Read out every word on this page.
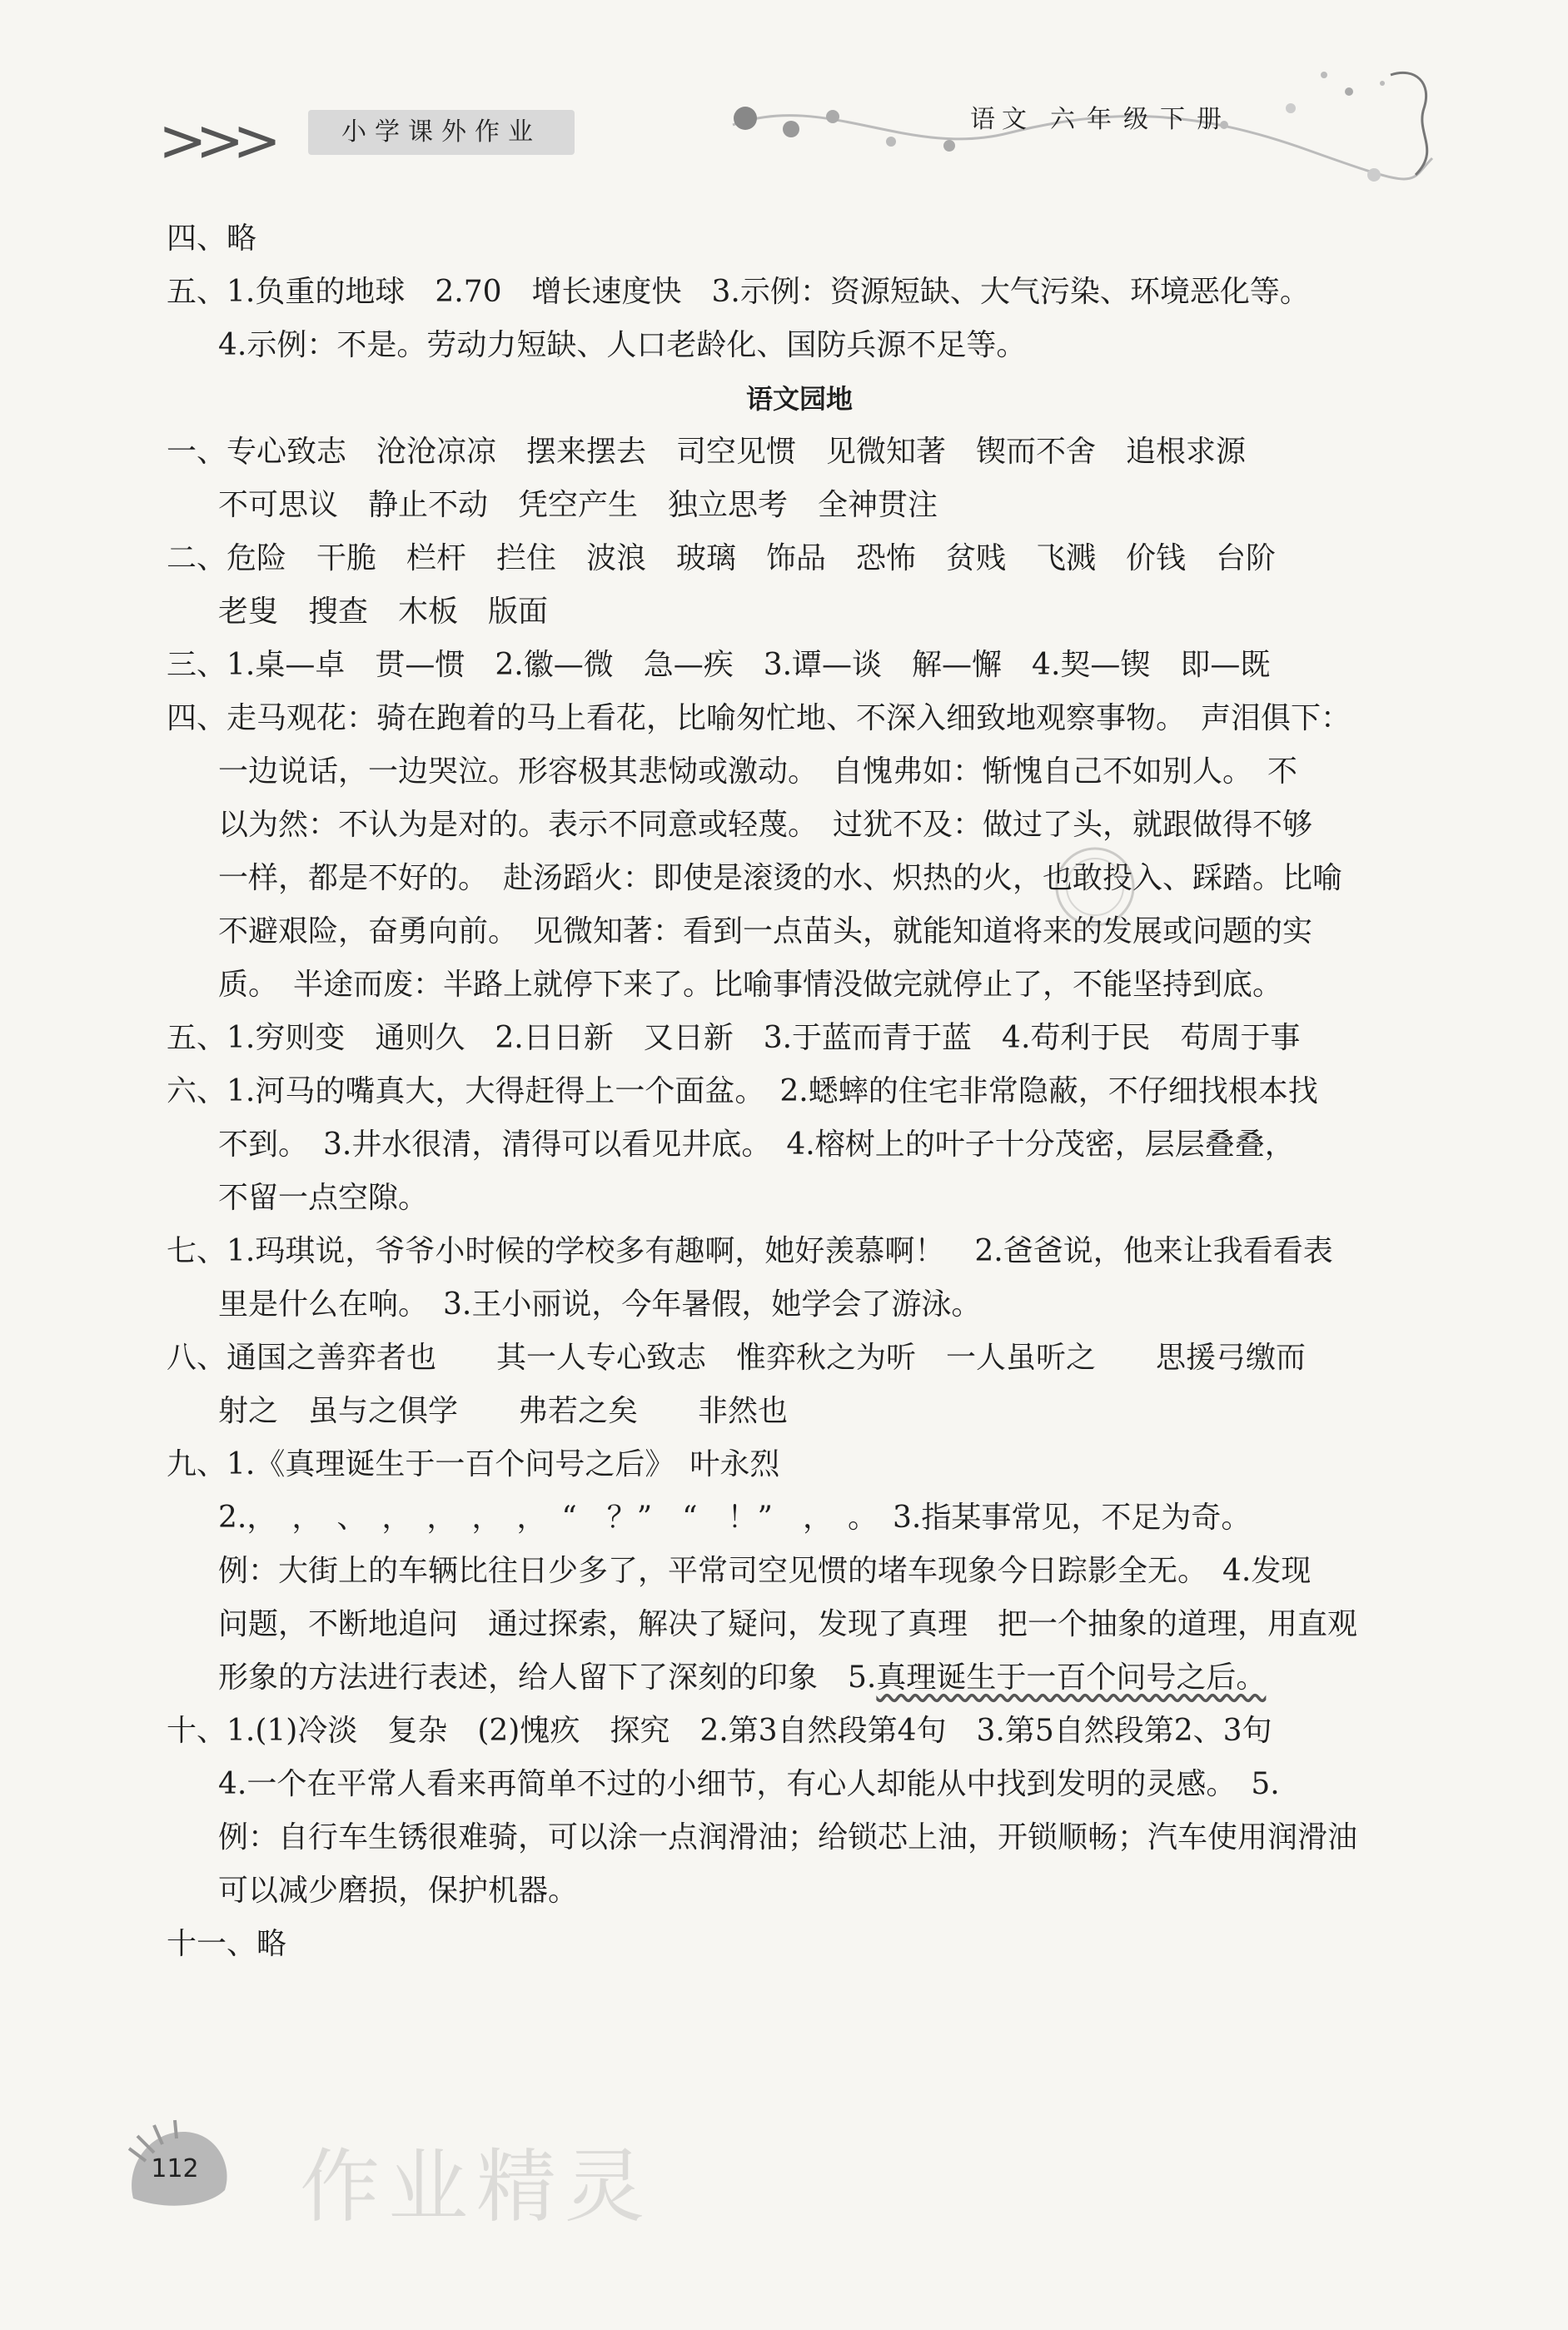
>>>	小学课外作业	语文 六年级下册
四、略
五、1.负重的地球　2.70　增长速度快　3.示例：资源短缺、大气污染、环境恶化等。
4.示例：不是。劳动力短缺、人口老龄化、国防兵源不足等。
语文园地
一、专心致志　沧沧凉凉　摆来摆去　司空见惯　见微知著　锲而不舍　追根求源
不可思议　静止不动　凭空产生　独立思考　全神贯注
二、危险　干脆　栏杆　拦住　波浪　玻璃　饰品　恐怖　贫贱　飞溅　价钱　台阶
老叟　搜查　木板　版面
三、1.桌—卓　贯—惯　2.徽—微　急—疾　3.谭—谈　解—懈　4.契—锲　即—既
四、走马观花：骑在跑着的马上看花，比喻匆忙地、不深入细致地观察事物。　声泪俱下：
一边说话，一边哭泣。形容极其悲恸或激动。　自愧弗如：惭愧自己不如别人。　不
以为然：不认为是对的。表示不同意或轻蔑。　过犹不及：做过了头，就跟做得不够
一样，都是不好的。　赴汤蹈火：即使是滚烫的水、炽热的火，也敢投入、踩踏。比喻
不避艰险，奋勇向前。　见微知著：看到一点苗头，就能知道将来的发展或问题的实
质。　半途而废：半路上就停下来了。比喻事情没做完就停止了，不能坚持到底。
五、1.穷则变　通则久　2.日日新　又日新　3.于蓝而青于蓝　4.苟利于民　苟周于事
六、1.河马的嘴真大，大得赶得上一个面盆。　2.蟋蟀的住宅非常隐蔽，不仔细找根本找
不到。　3.井水很清，清得可以看见井底。　4.榕树上的叶子十分茂密，层层叠叠，
不留一点空隙。
七、1.玛琪说，爷爷小时候的学校多有趣啊，她好羡慕啊！　2.爸爸说，他来让我看看表
里是什么在响。　3.王小丽说，今年暑假，她学会了游泳。
八、通国之善弈者也　　其一人专心致志　惟弈秋之为听　一人虽听之　　思援弓缴而
射之　虽与之俱学　　弗若之矣　　非然也
九、1.《真理诞生于一百个问号之后》　叶永烈
2.，　，　、　，　，　，　，　“　？”　“　！”　，　。　3.指某事常见，不足为奇。
例：大街上的车辆比往日少多了，平常司空见惯的堵车现象今日踪影全无。　4.发现
问题，不断地追问　通过探索，解决了疑问，发现了真理　把一个抽象的道理，用直观
形象的方法进行表述，给人留下了深刻的印象　5.真理诞生于一百个问号之后。
十、1.(1)冷淡　复杂　(2)愧疚　探究　2.第3自然段第4句　3.第5自然段第2、3句
4.一个在平常人看来再简单不过的小细节，有心人却能从中找到发明的灵感。　5.
例：自行车生锈很难骑，可以涂一点润滑油；给锁芯上油，开锁顺畅；汽车使用润滑油
可以减少磨损，保护机器。
十一、略
112 作业精灵
